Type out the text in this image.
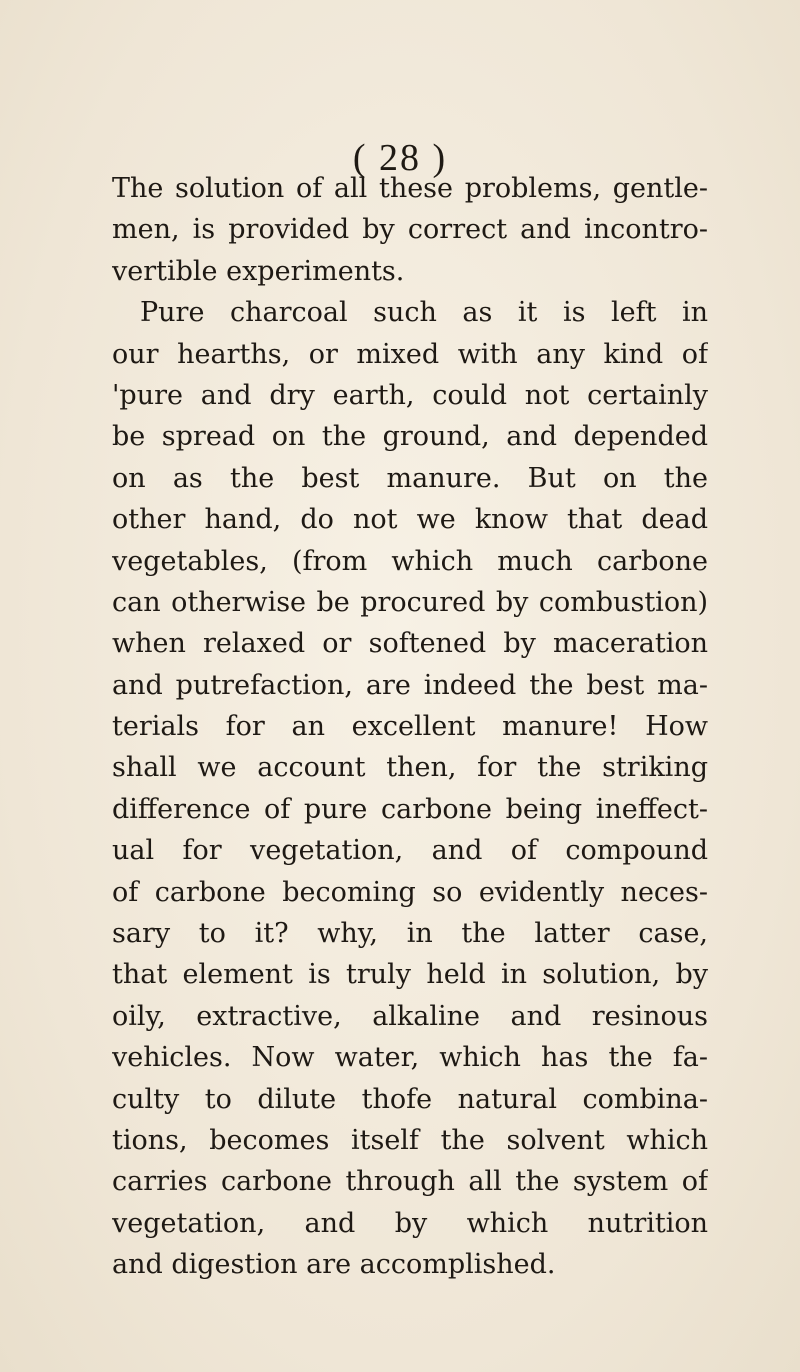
( 28 )
The solution of all these problems, gentle-
men, is provided by correct and incontro-
vertible experiments.
Pure charcoal such as it is left in
our hearths, or mixed with any kind of
'pure and dry earth, could not certainly
be spread on the ground, and depended
on as the best manure. But on the
other hand, do not we know that dead
vegetables, (from which much carbone
can otherwise be procured by combustion)
when relaxed or softened by maceration
and putrefaction, are indeed the best ma-
terials for an excellent manure! How
shall we account then, for the striking
difference of pure carbone being ineffect-
ual for vegetation, and of compound
of carbone becoming so evidently neces-
sary to it? why, in the latter case,
that element is truly held in solution, by
oily, extractive, alkaline and resinous
vehicles. Now water, which has the fa-
culty to dilute thofe natural combina-
tions, becomes itself the solvent which
carries carbone through all the system of
vegetation, and by which nutrition
and digestion are accomplished.
